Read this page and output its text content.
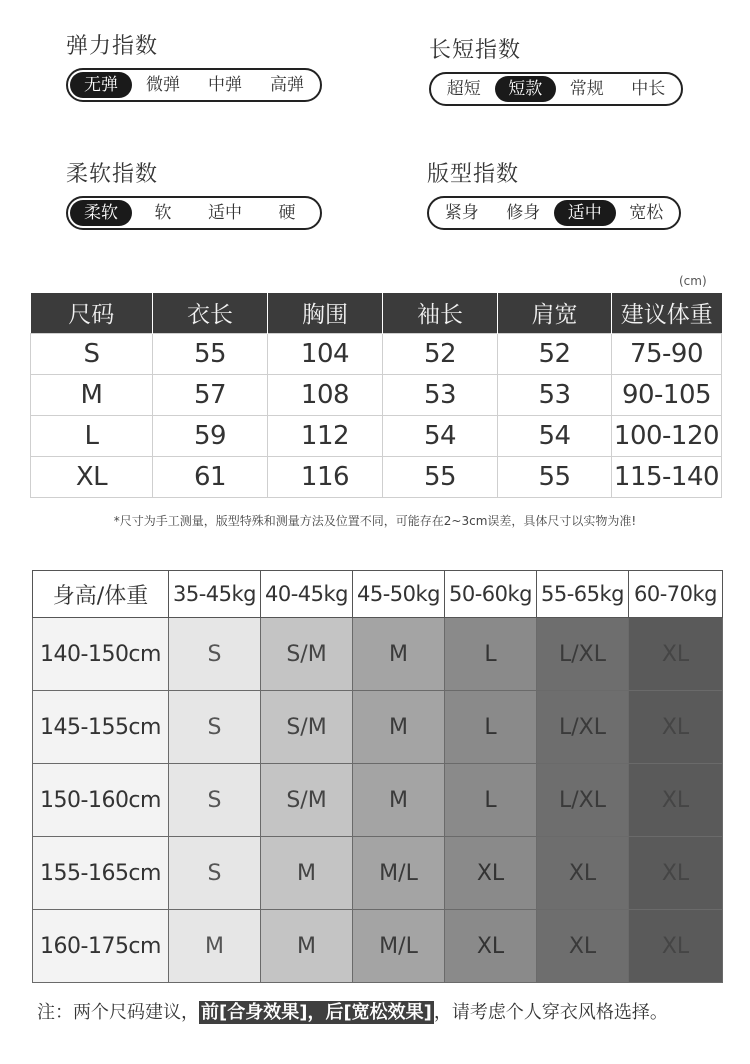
弹力指数
无弹	微弹	中弹	高弹
长短指数
超短	短款	常规	中长
柔软指数
柔软	软	适中	硬
版型指数
紧身	修身	适中	宽松
(cm)
尺码	衣长	胸围	袖长	肩宽	建议体重
S	55	104	52	52	75-90
M	57	108	53	53	90-105
L	59	112	54	54	100-120
XL	61	116	55	55	115-140
*尺寸为手工测量，版型特殊和测量方法及位置不同，可能存在2~3cm误差，具体尺寸以实物为准!
身高/体重	35-45kg	40-45kg	45-50kg	50-60kg	55-65kg	60-70kg
140-150cm	S	S/M	M	L	L/XL	XL
145-155cm	S	S/M	M	L	L/XL	XL
150-160cm	S	S/M	M	L	L/XL	XL
155-165cm	S	M	M/L	XL	XL	XL
160-175cm	M	M	M/L	XL	XL	XL
注：两个尺码建议， 前[合身效果]，后[宽松效果] ，请考虑个人穿衣风格选择。
